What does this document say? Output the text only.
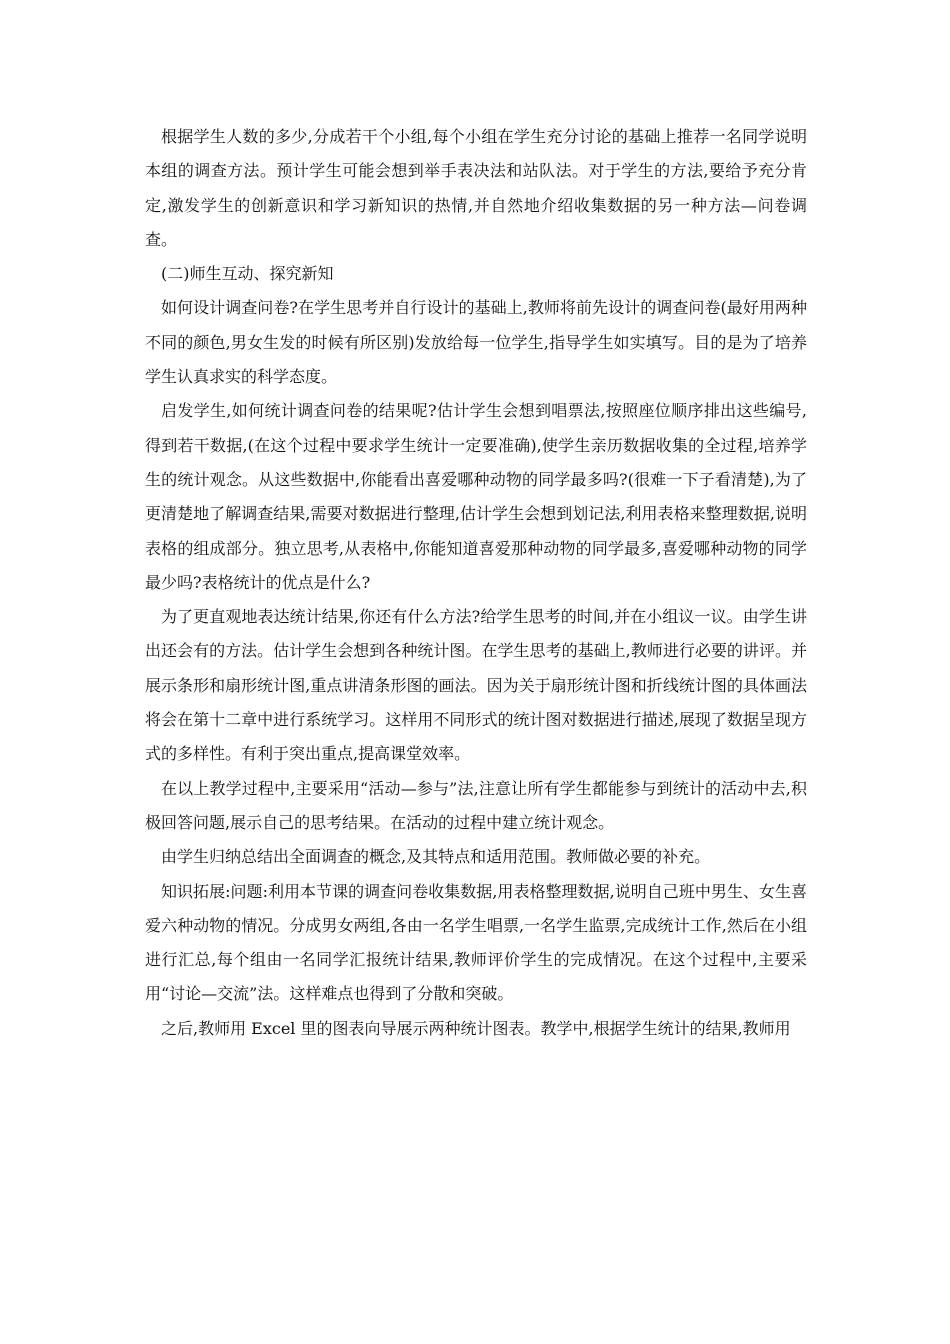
根据学生人数的多少,分成若干个小组,每个小组在学生充分讨论的基础上推荐一名同学说明本组的调查方法。预计学生可能会想到举手表决法和站队法。对于学生的方法,要给予充分肯定,激发学生的创新意识和学习新知识的热情,并自然地介绍收集数据的另一种方法—问卷调查。

(二)师生互动、探究新知

如何设计调查问卷?在学生思考并自行设计的基础上,教师将前先设计的调查问卷(最好用两种不同的颜色,男女生发的时候有所区别)发放给每一位学生,指导学生如实填写。目的是为了培养学生认真求实的科学态度。

启发学生,如何统计调查问卷的结果呢?估计学生会想到唱票法,按照座位顺序排出这些编号,得到若干数据,(在这个过程中要求学生统计一定要准确),使学生亲历数据收集的全过程,培养学生的统计观念。从这些数据中,你能看出喜爱哪种动物的同学最多吗?(很难一下子看清楚),为了更清楚地了解调查结果,需要对数据进行整理,估计学生会想到划记法,利用表格来整理数据,说明表格的组成部分。独立思考,从表格中,你能知道喜爱那种动物的同学最多,喜爱哪种动物的同学最少吗?表格统计的优点是什么?

为了更直观地表达统计结果,你还有什么方法?给学生思考的时间,并在小组议一议。由学生讲出还会有的方法。估计学生会想到各种统计图。在学生思考的基础上,教师进行必要的讲评。并展示条形和扇形统计图,重点讲清条形图的画法。因为关于扇形统计图和折线统计图的具体画法将会在第十二章中进行系统学习。这样用不同形式的统计图对数据进行描述,展现了数据呈现方式的多样性。有利于突出重点,提高课堂效率。

在以上教学过程中,主要采用“活动—参与”法,注意让所有学生都能参与到统计的活动中去,积极回答问题,展示自己的思考结果。在活动的过程中建立统计观念。

由学生归纳总结出全面调查的概念,及其特点和适用范围。教师做必要的补充。

知识拓展:问题:利用本节课的调查问卷收集数据,用表格整理数据,说明自己班中男生、女生喜爱六种动物的情况。分成男女两组,各由一名学生唱票,一名学生监票,完成统计工作,然后在小组进行汇总,每个组由一名同学汇报统计结果,教师评价学生的完成情况。在这个过程中,主要采用“讨论—交流”法。这样难点也得到了分散和突破。

之后,教师用 Excel 里的图表向导展示两种统计图表。教学中,根据学生统计的结果,教师用
